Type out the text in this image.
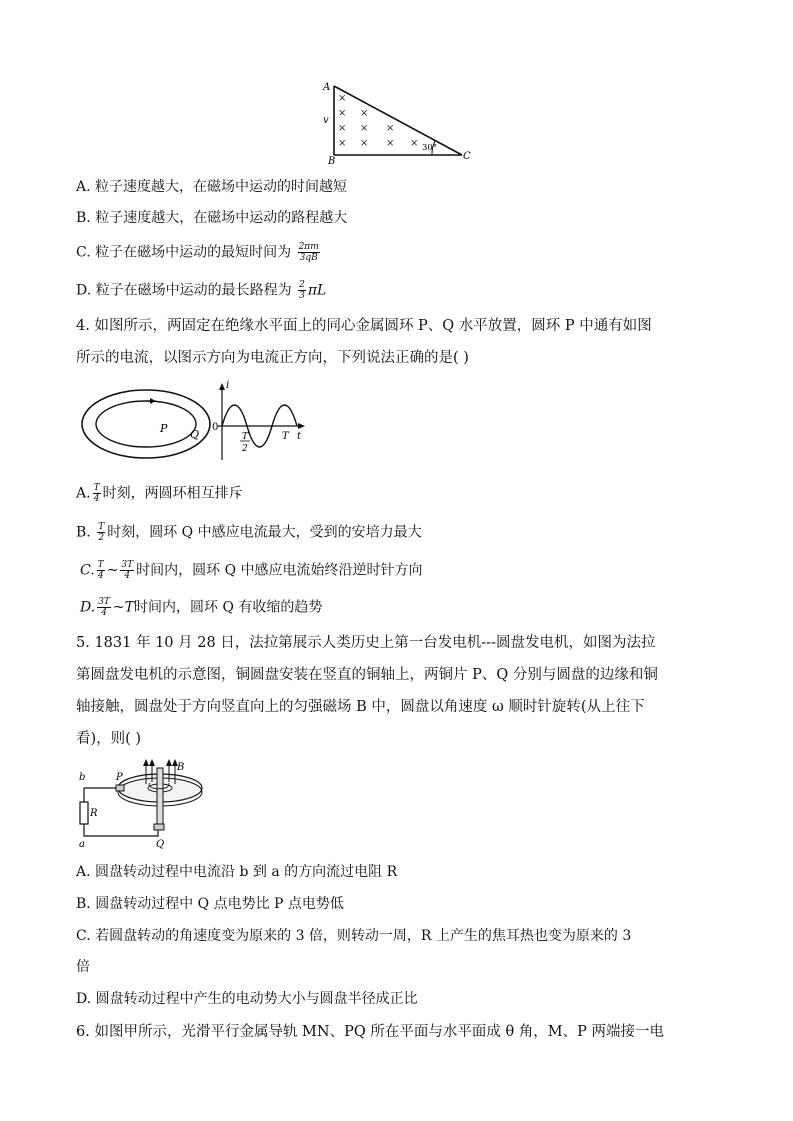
A
B	C
v
30°
×
× ×
× × ×
× × × ×
A. 粒子速度越大，在磁场中运动的时间越短
B. 粒子速度越大，在磁场中运动的路程越大
C. 粒子在磁场中运动的最短时间为 $\frac{2\pi m}{3qB}$
D. 粒子在磁场中运动的最长路程为 $\frac{2}{3}$ πL
4. 如图所示，两固定在绝缘水平面上的同心金属圆环 P、Q 水平放置，圆环 P 中通有如图
所示的电流，以图示方向为电流正方向，下列说法正确的是( )
P Q
i
0
T
2
T t
A. $\frac{T}{4}$ 时刻，两圆环相互排斥
B. $\frac{T}{2}$ 时刻，圆环 Q 中感应电流最大，受到的安培力最大
C. $\frac{T}{4}$ ~ $\frac{3T}{4}$ 时间内，圆环 Q 中感应电流始终沿逆时针方向
D. $\frac{3T}{4}$ ~T时间内，圆环 Q 有收缩的趋势
5. 1831 年 10 月 28 日，法拉第展示人类历史上第一台发电机---圆盘发电机，如图为法拉
第圆盘发电机的示意图，铜圆盘安装在竖直的铜轴上，两铜片 P、Q 分别与圆盘的边缘和铜
轴接触，圆盘处于方向竖直向上的匀强磁场 B 中，圆盘以角速度 ω 顺时针旋转(从上往下
看)，则( )
b	P
B
R
a	Q
A. 圆盘转动过程中电流沿 b 到 a 的方向流过电阻 R
B. 圆盘转动过程中 Q 点电势比 P 点电势低
C. 若圆盘转动的角速度变为原来的 3 倍，则转动一周，R 上产生的焦耳热也变为原来的 3
倍
D. 圆盘转动过程中产生的电动势大小与圆盘半径成正比
6. 如图甲所示，光滑平行金属导轨 MN、PQ 所在平面与水平面成 θ 角，M、P 两端接一电
